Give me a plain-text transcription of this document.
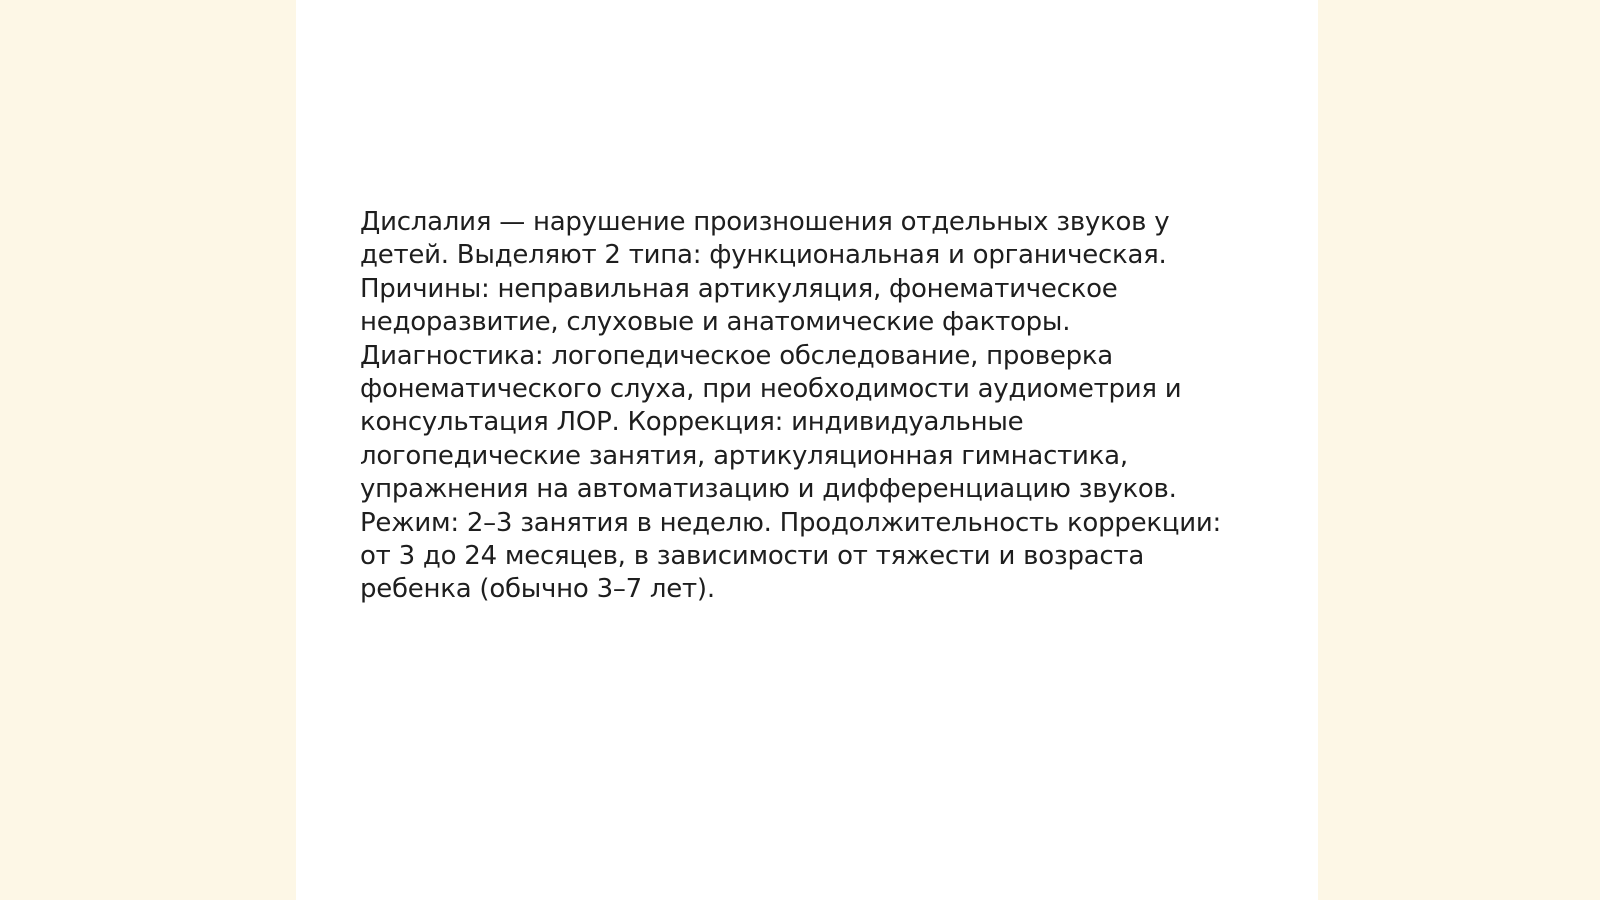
Дислалия — нарушение произношения отдельных звуков у
детей. Выделяют 2 типа: функциональная и органическая.
Причины: неправильная артикуляция, фонематическое
недоразвитие, слуховые и анатомические факторы.
Диагностика: логопедическое обследование, проверка
фонематического слуха, при необходимости аудиометрия и
консультация ЛОР. Коррекция: индивидуальные
логопедические занятия, артикуляционная гимнастика,
упражнения на автоматизацию и дифференциацию звуков.
Режим: 2–3 занятия в неделю. Продолжительность коррекции:
от 3 до 24 месяцев, в зависимости от тяжести и возраста
ребенка (обычно 3–7 лет).
